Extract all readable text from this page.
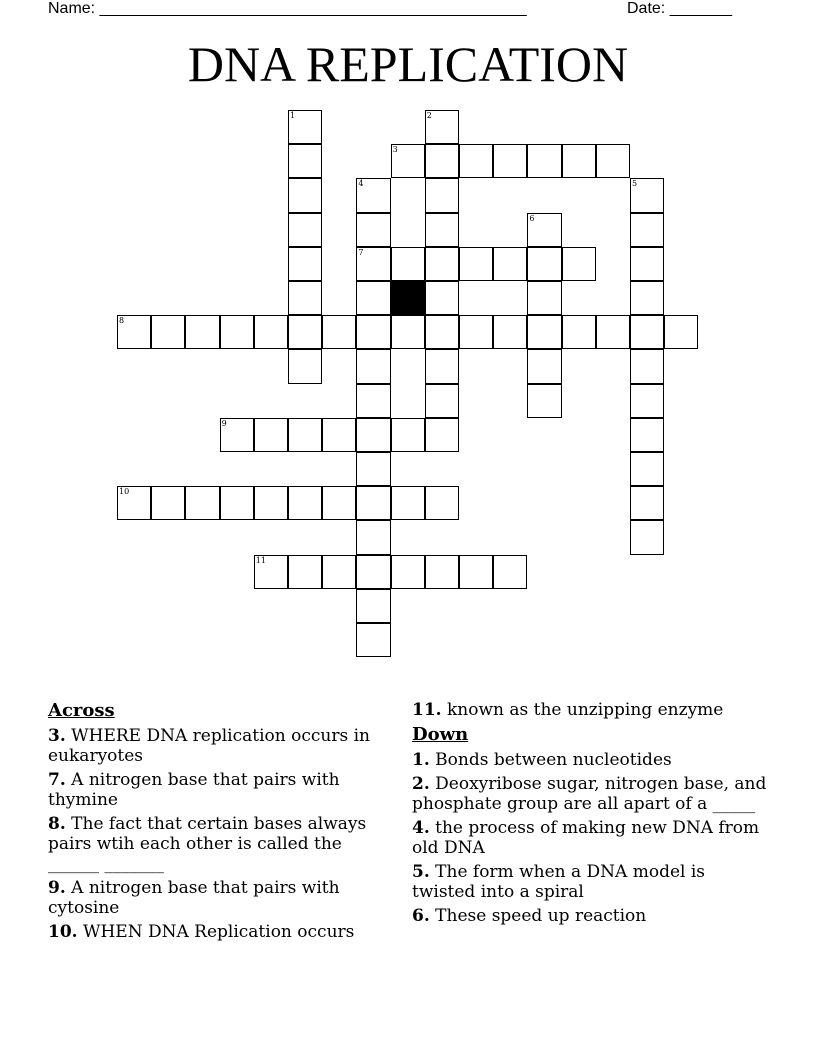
Name: ________________________________________________	Date: _______
DNA REPLICATION
1	2
3
4
7
5
6
8
9
10
11
Across
3. WHERE DNA replication occurs in eukaryotes
7. A nitrogen base that pairs with thymine
8. The fact that certain bases always pairs wtih each other is called the ______ _______
9. A nitrogen base that pairs with cytosine
10. WHEN DNA Replication occurs
11. known as the unzipping enzyme
Down
1. Bonds between nucleotides
2. Deoxyribose sugar, nitrogen base, and phosphate group are all apart of a _____
4. the process of making new DNA from old DNA
5. The form when a DNA model is twisted into a spiral
6. These speed up reaction
